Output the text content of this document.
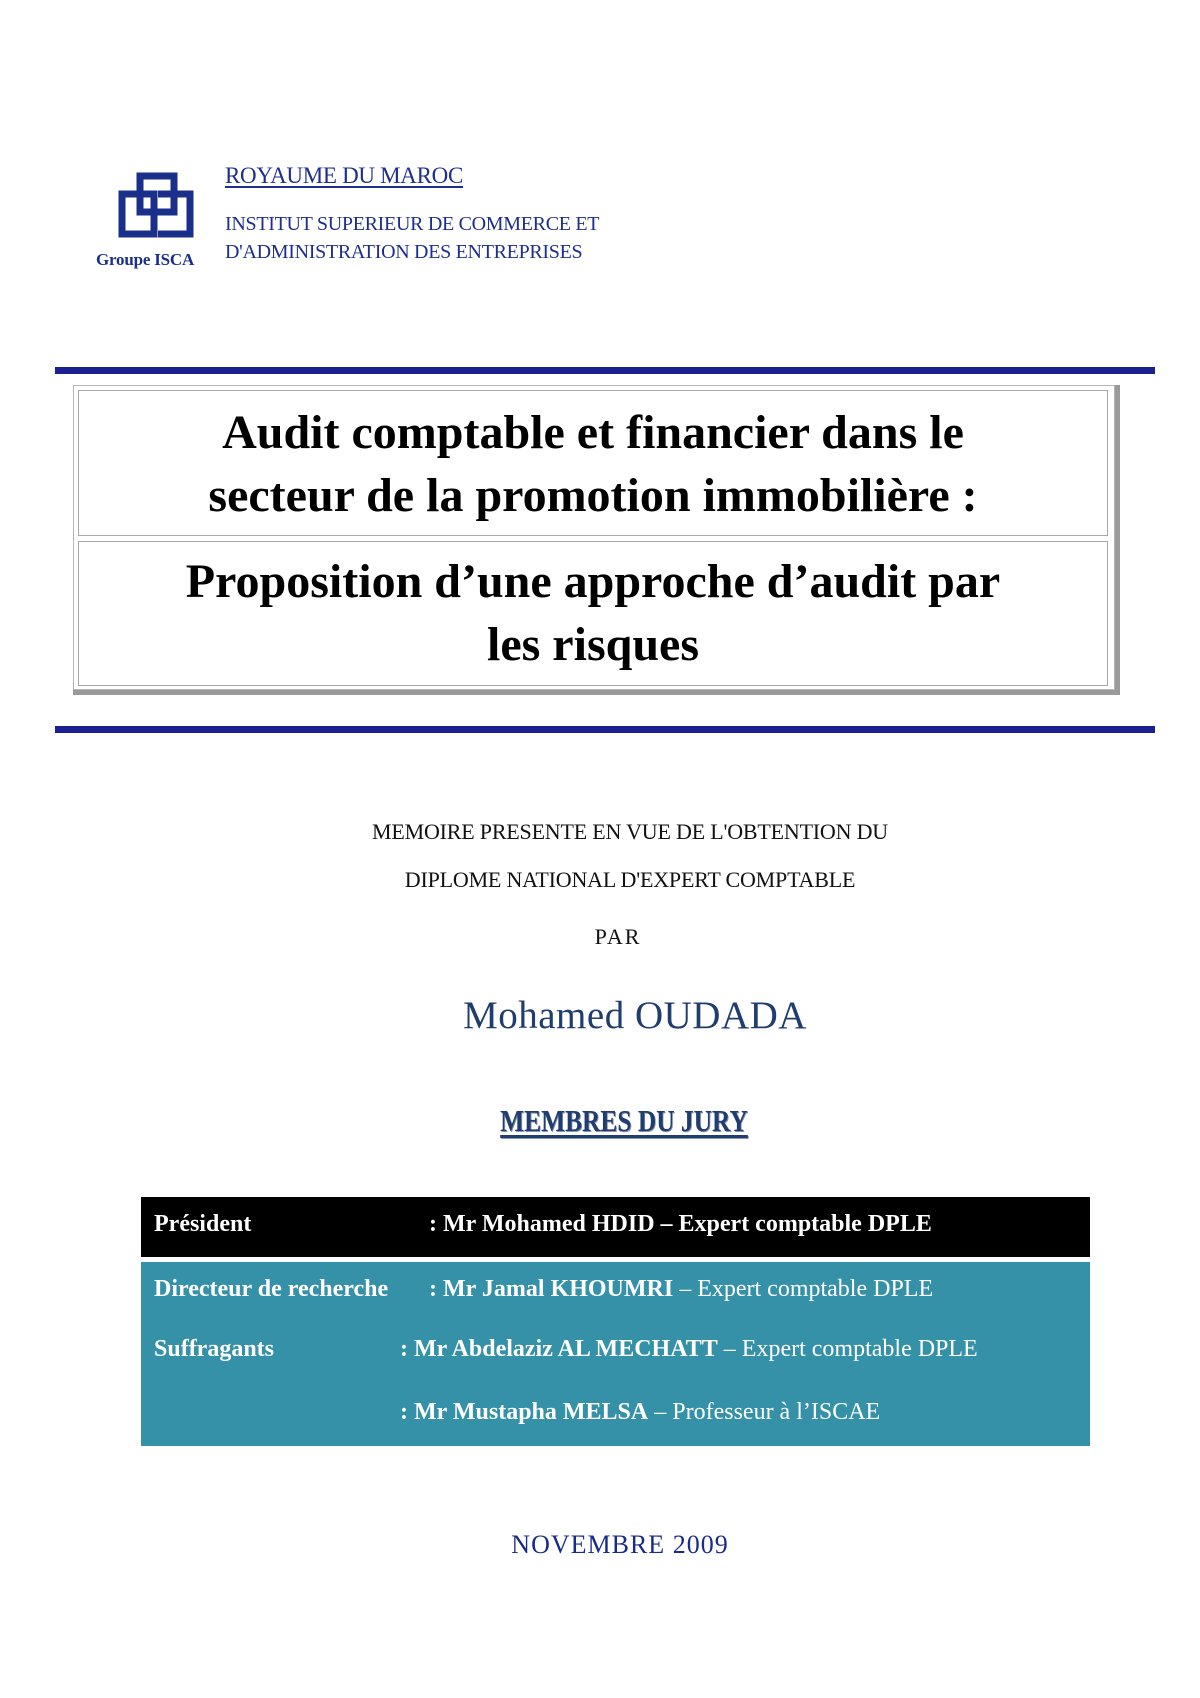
Groupe ISCA
ROYAUME DU MAROC
INSTITUT SUPERIEUR DE COMMERCE ET
D'ADMINISTRATION DES ENTREPRISES
Audit comptable et financier dans le
secteur de la promotion immobilière :
Proposition d’une approche d’audit par
les risques
MEMOIRE PRESENTE EN VUE DE L'OBTENTION DU
DIPLOME NATIONAL D'EXPERT COMPTABLE
PAR
Mohamed OUDADA
MEMBRES DU JURY
Président	: Mr Mohamed HDID – Expert comptable DPLE
Directeur de recherche : Mr Jamal KHOUMRI – Expert comptable DPLE
Suffragants	: Mr Abdelaziz AL MECHATT – Expert comptable DPLE
: Mr Mustapha MELSA – Professeur à l’ISCAE
NOVEMBRE 2009
